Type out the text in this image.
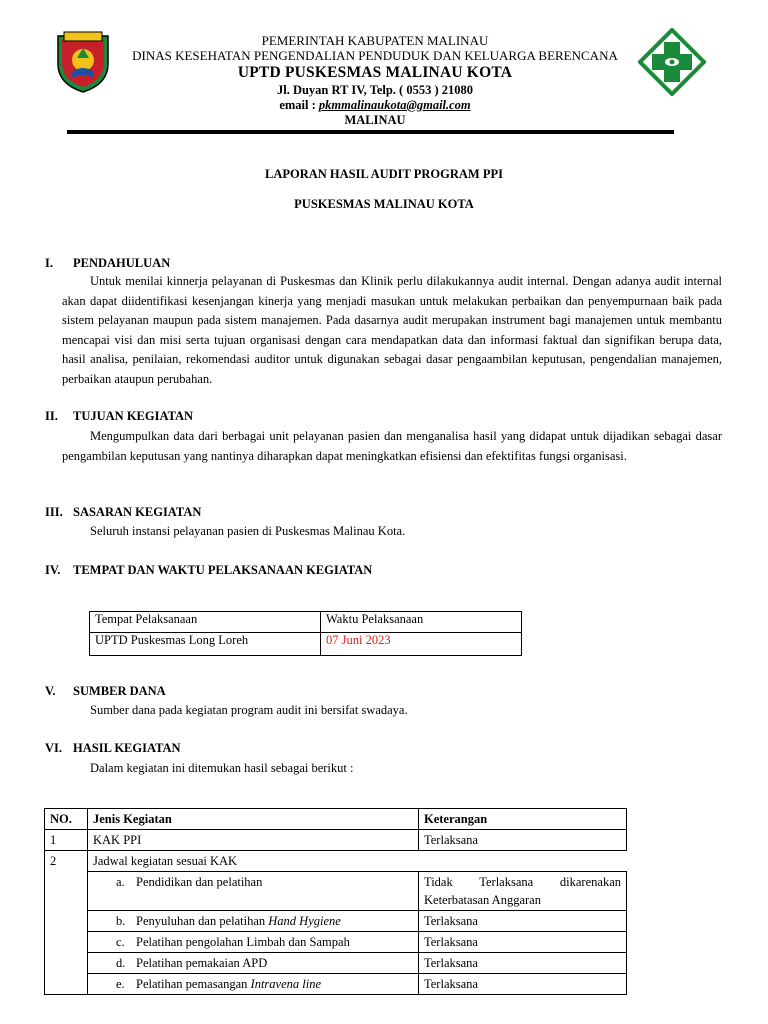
PEMERINTAH KABUPATEN MALINAU
DINAS KESEHATAN PENGENDALIAN PENDUDUK DAN KELUARGA BERENCANA
UPTD PUSKESMAS MALINAU KOTA
Jl. Duyan RT IV, Telp. ( 0553 ) 21080
email : pkmmalinaukota@gmail.com
MALINAU
LAPORAN HASIL AUDIT PROGRAM PPI
PUSKESMAS MALINAU KOTA
I. PENDAHULUAN
Untuk menilai kinnerja pelayanan di Puskesmas dan Klinik perlu dilakukannya audit internal. Dengan adanya audit internal akan dapat diidentifikasi kesenjangan kinerja yang menjadi masukan untuk melakukan perbaikan dan penyempurnaan baik pada sistem pelayanan maupun pada sistem manajemen. Pada dasarnya audit merupakan instrument bagi manajemen untuk membantu mencapai visi dan misi serta tujuan organisasi dengan cara mendapatkan data dan informasi faktual dan signifikan berupa data, hasil analisa, penilaian, rekomendasi auditor untuk digunakan sebagai dasar pengaambilan keputusan, pengendalian manajemen, perbaikan ataupun perubahan.
II. TUJUAN KEGIATAN
Mengumpulkan data dari berbagai unit pelayanan pasien dan menganalisa hasil yang didapat untuk dijadikan sebagai dasar pengambilan keputusan yang nantinya diharapkan dapat meningkatkan efisiensi dan efektifitas fungsi organisasi.
III. SASARAN KEGIATAN
Seluruh instansi pelayanan pasien di Puskesmas Malinau Kota.
IV. TEMPAT DAN WAKTU PELAKSANAAN KEGIATAN
Tempat Pelaksanaan	Waktu Pelaksanaan
UPTD Puskesmas Long Loreh	07 Juni 2023
V. SUMBER DANA
Sumber dana pada kegiatan program audit ini bersifat swadaya.
VI. HASIL KEGIATAN
Dalam kegiatan ini ditemukan hasil sebagai berikut :
NO.	Jenis Kegiatan	Keterangan
1	KAK PPI	Terlaksana
2	Jadwal kegiatan sesuai KAK	
	a. Pendidikan dan pelatihan	Tidak Terlaksana dikarenakan Keterbatasan Anggaran
	b. Penyuluhan dan pelatihan Hand Hygiene	Terlaksana
	c. Pelatihan pengolahan Limbah dan Sampah	Terlaksana
	d. Pelatihan pemakaian APD	Terlaksana
	e. Pelatihan pemasangan Intravena line	Terlaksana
